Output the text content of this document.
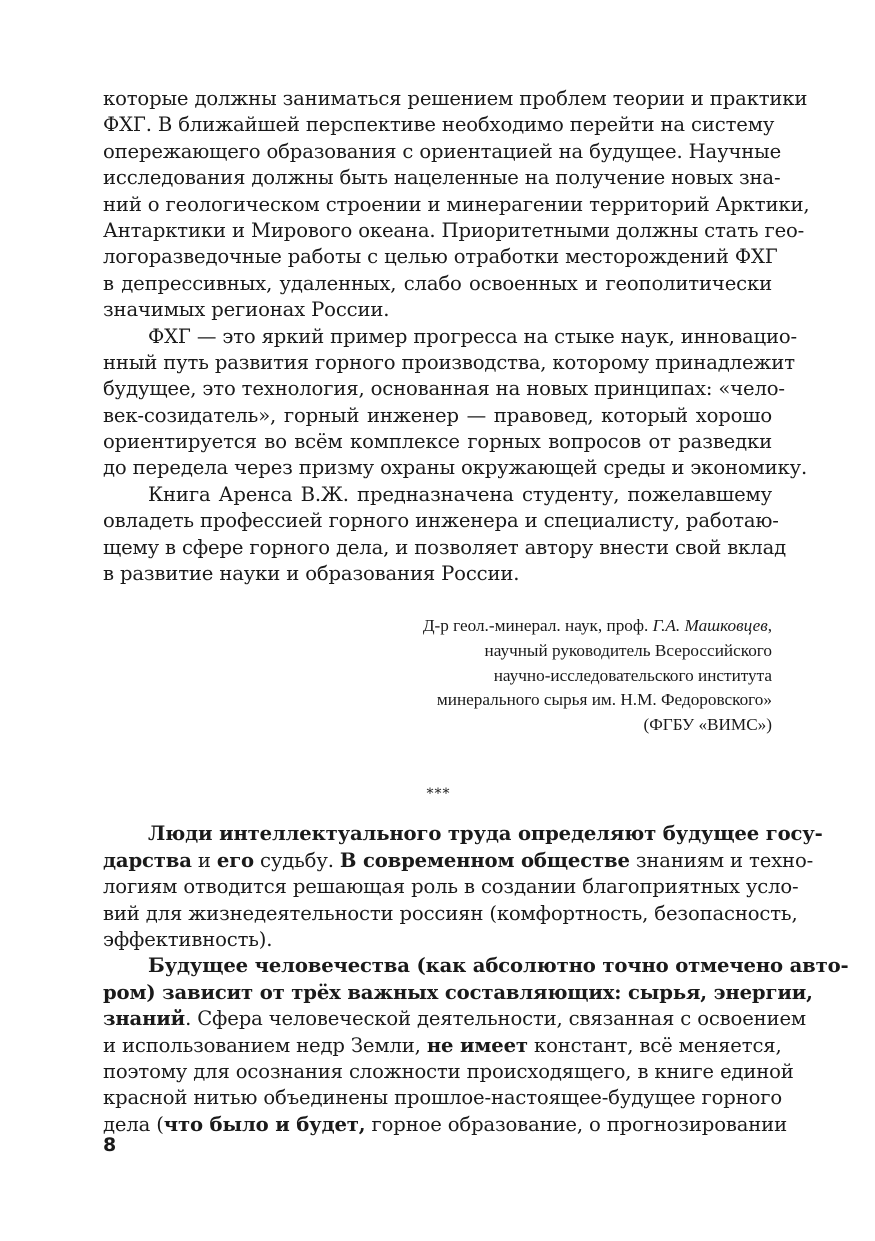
которые должны заниматься решением проблем теории и практики
ФХГ. В ближайшей перспективе необходимо перейти на систему
опережающего образования с ориентацией на будущее. Научные
исследования должны быть нацеленные на получение новых зна-
ний о геологическом строении и минерагении территорий Арктики,
Антарктики и Мирового океана. Приоритетными должны стать гео-
логоразведочные работы с целью отработки месторождений ФХГ
в депрессивных, удаленных, слабо освоенных и геополитически
значимых регионах России.
ФХГ — это яркий пример прогресса на стыке наук, инновацио-
нный путь развития горного производства, которому принадлежит
будущее, это технология, основанная на новых принципах: «чело-
век-созидатель», горный инженер — правовед, который хорошо
ориентируется во всём комплексе горных вопросов от разведки
до передела через призму охраны окружающей среды и экономику.
Книга Аренса В.Ж. предназначена студенту, пожелавшему
овладеть профессией горного инженера и специалисту, работаю-
щему в сфере горного дела, и позволяет автору внести свой вклад
в развитие науки и образования России.
Д-р геол.-минерал. наук, проф. Г.А. Машковцев,
научный руководитель Всероссийского
научно-исследовательского института
минерального сырья им. Н.М. Федоровского»
(ФГБУ «ВИМС»)
***
Люди интеллектуального труда определяют будущее госу-
дарства и его судьбу. В современном обществе знаниям и техно-
логиям отводится решающая роль в создании благоприятных усло-
вий для жизнедеятельности россиян (комфортность, безопасность,
эффективность).
Будущее человечества (как абсолютно точно отмечено авто-
ром) зависит от трёх важных составляющих: сырья, энергии,
знаний. Сфера человеческой деятельности, связанная с освоением
и использованием недр Земли, не имеет констант, всё меняется,
поэтому для осознания сложности происходящего, в книге единой
красной нитью объединены прошлое-настоящее-будущее горного
дела (что было и будет, горное образование, о прогнозировании
8
